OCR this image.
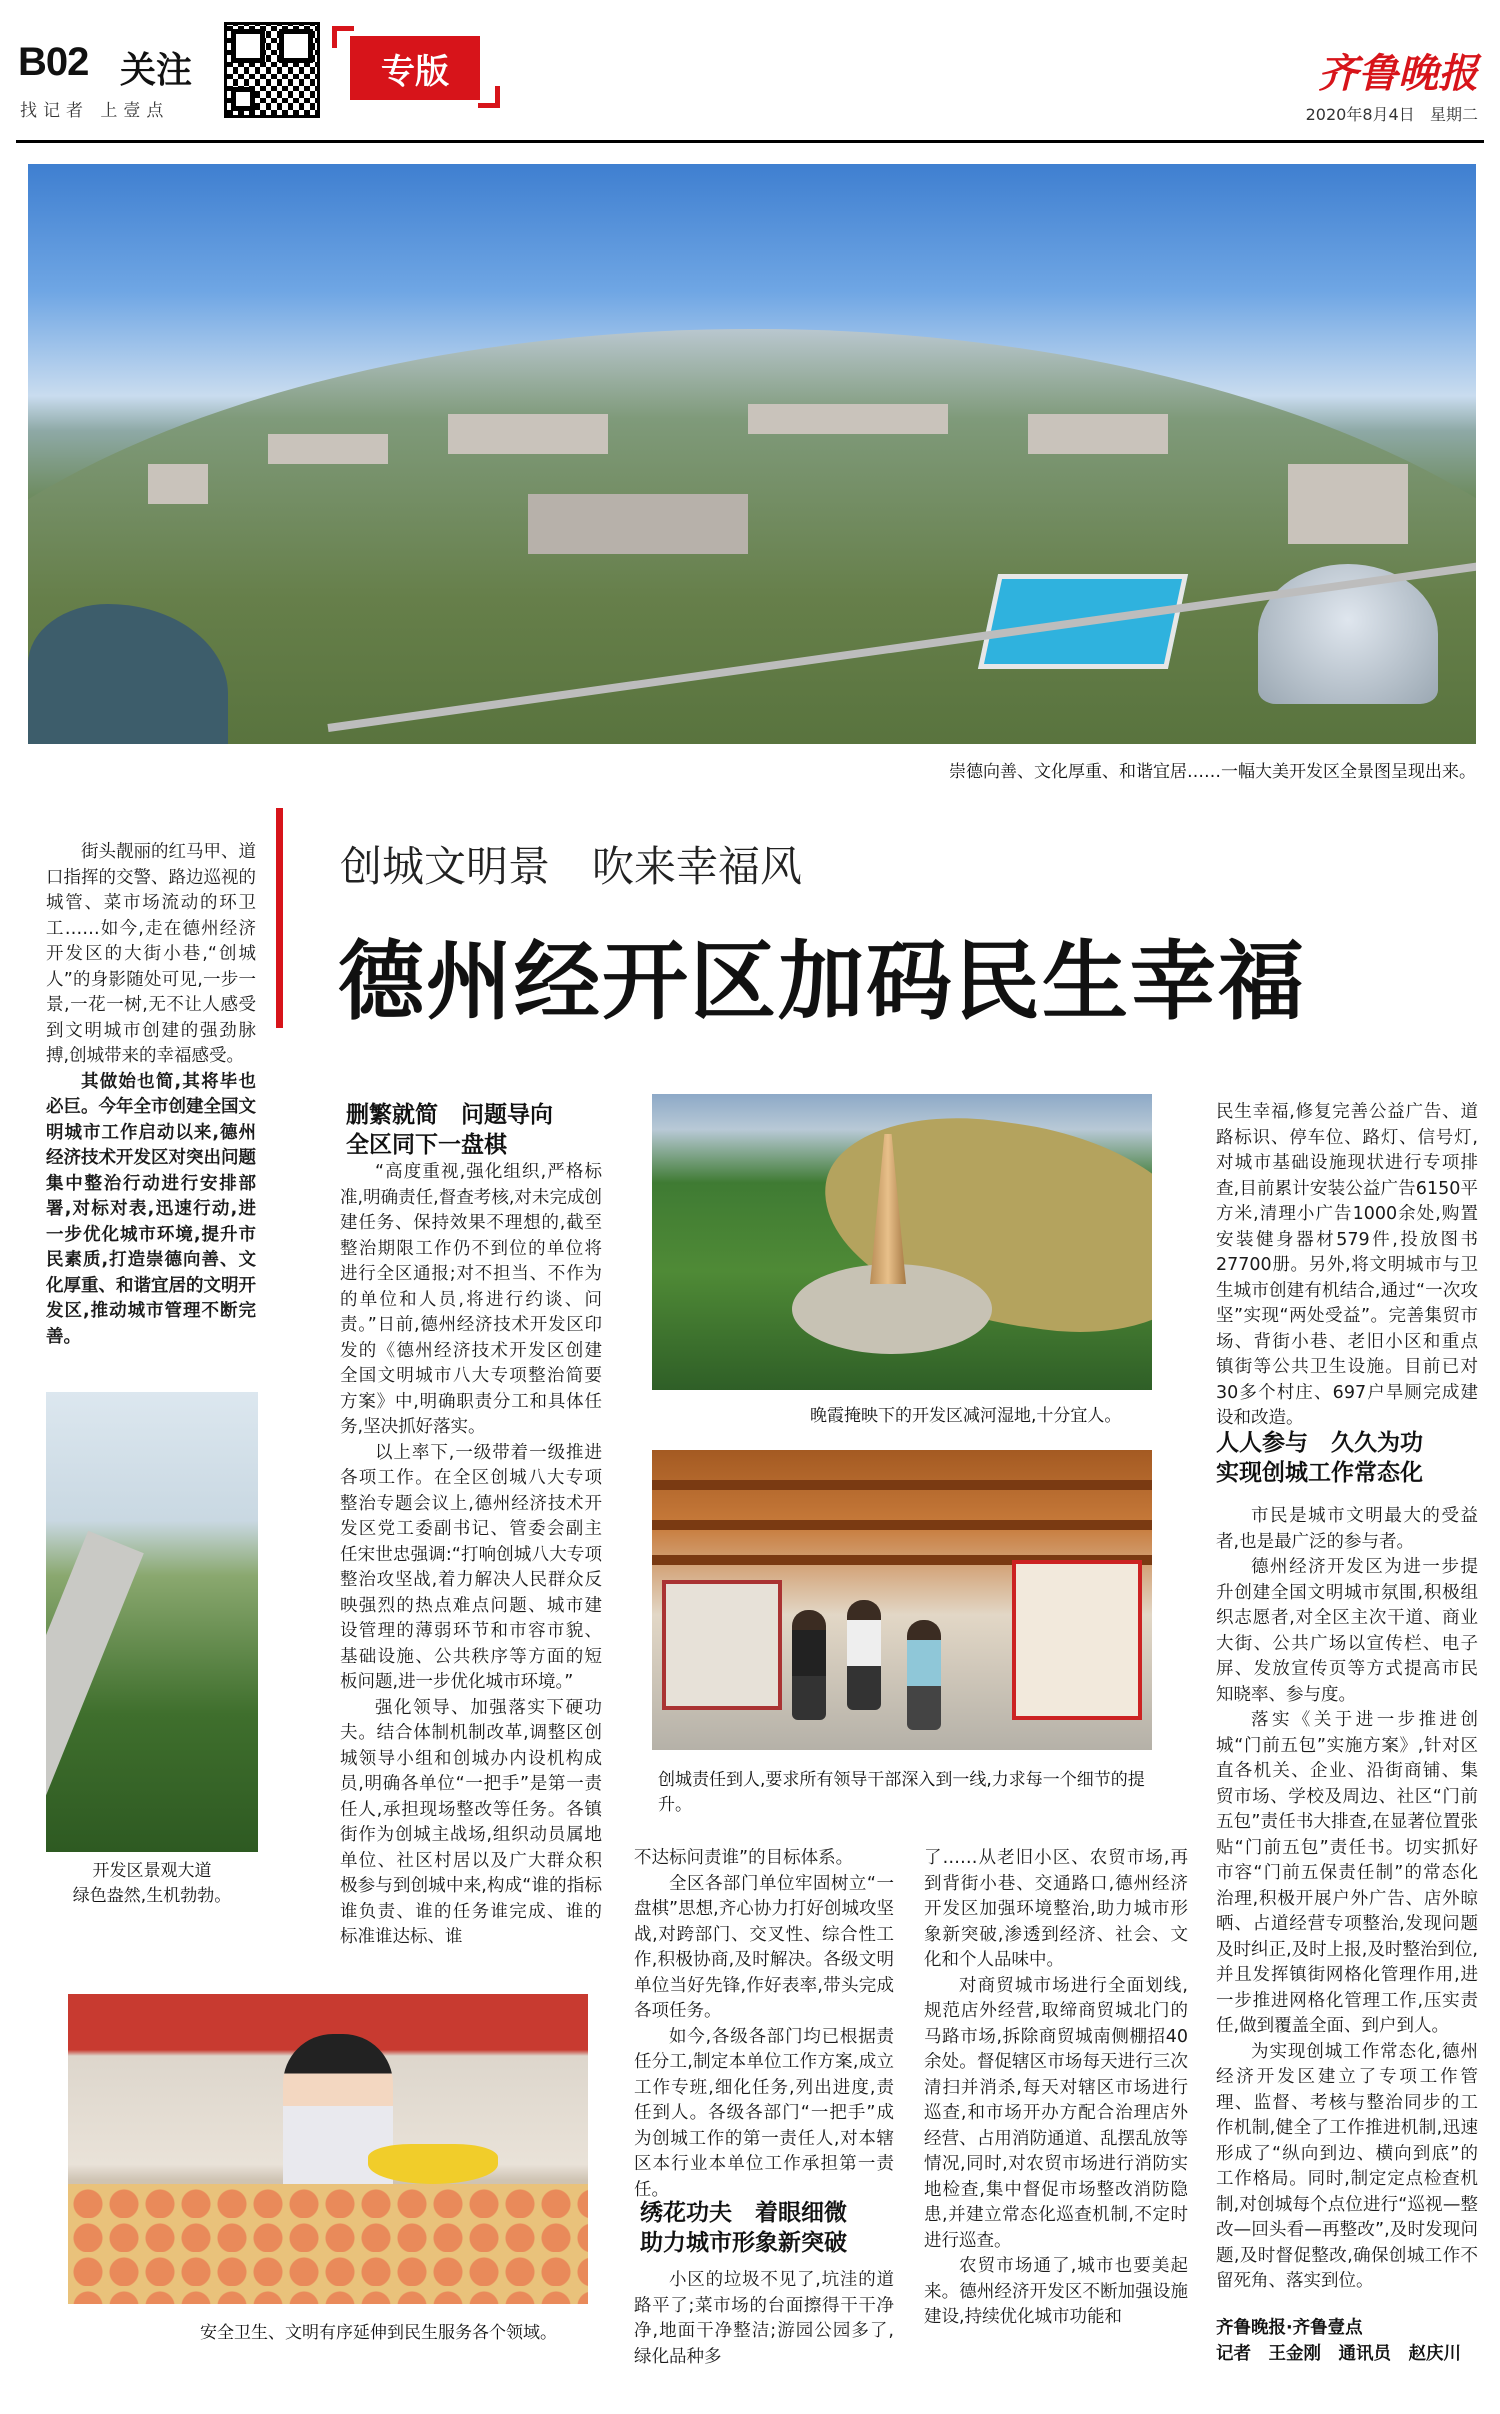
B02 关注
找记者 上壹点
专版	齐鲁晚报
2020年8月4日 星期二
崇德向善、文化厚重、和谐宜居……一幅大美开发区全景图呈现出来。
创城文明景　吹来幸福风
德州经开区加码民生幸福

街头靓丽的红马甲、道口指挥的交警、路边巡视的城管、菜市场流动的环卫工……如今,走在德州经济开发区的大街小巷,“创城人”的身影随处可见,一步一景,一花一树,无不让人感受到文明城市创建的强劲脉搏,创城带来的幸福感受。

其做始也简,其将毕也必巨。今年全市创建全国文明城市工作启动以来,德州经济技术开发区对突出问题集中整治行动进行安排部署,对标对表,迅速行动,进一步优化城市环境,提升市民素质,打造崇德向善、文化厚重、和谐宜居的文明开发区,推动城市管理不断完善。

开发区景观大道
绿色盎然,生机勃勃。
删繁就简　问题导向
全区同下一盘棋

“高度重视,强化组织,严格标准,明确责任,督查考核,对未完成创建任务、保持效果不理想的,截至整治期限工作仍不到位的单位将进行全区通报;对不担当、不作为的单位和人员,将进行约谈、问责。”日前,德州经济技术开发区印发的《德州经济技术开发区创建全国文明城市八大专项整治简要方案》中,明确职责分工和具体任务,坚决抓好落实。

以上率下,一级带着一级推进各项工作。在全区创城八大专项整治专题会议上,德州经济技术开发区党工委副书记、管委会副主任宋世忠强调:“打响创城八大专项整治攻坚战,着力解决人民群众反映强烈的热点难点问题、城市建设管理的薄弱环节和市容市貌、基础设施、公共秩序等方面的短板问题,进一步优化城市环境。”

强化领导、加强落实下硬功夫。结合体制机制改革,调整区创城领导小组和创城办内设机构成员,明确各单位“一把手”是第一责任人,承担现场整改等任务。各镇街作为创城主战场,组织动员属地单位、社区村居以及广大群众积极参与到创城中来,构成“谁的指标谁负责、谁的任务谁完成、谁的标准谁达标、谁

晚霞掩映下的开发区减河湿地,十分宜人。
创城责任到人,要求所有领导干部深入到一线,力求每一个细节的提升。

不达标问责谁”的目标体系。

全区各部门单位牢固树立“一盘棋”思想,齐心协力打好创城攻坚战,对跨部门、交叉性、综合性工作,积极协商,及时解决。各级文明单位当好先锋,作好表率,带头完成各项任务。

如今,各级各部门均已根据责任分工,制定本单位工作方案,成立工作专班,细化任务,列出进度,责任到人。各级各部门“一把手”成为创城工作的第一责任人,对本辖区本行业本单位工作承担第一责任。

绣花功夫　着眼细微
助力城市形象新突破

小区的垃圾不见了,坑洼的道路平了;菜市场的台面擦得干干净净,地面干净整洁;游园公园多了,绿化品种多

了……从老旧小区、农贸市场,再到背街小巷、交通路口,德州经济开发区加强环境整治,助力城市形象新突破,渗透到经济、社会、文化和个人品味中。

对商贸城市场进行全面划线,规范店外经营,取缔商贸城北门的马路市场,拆除商贸城南侧棚招40余处。督促辖区市场每天进行三次清扫并消杀,每天对辖区市场进行巡查,和市场开办方配合治理店外经营、占用消防通道、乱摆乱放等情况,同时,对农贸市场进行消防实地检查,集中督促市场整改消防隐患,并建立常态化巡查机制,不定时进行巡查。

农贸市场通了,城市也要美起来。德州经济开发区不断加强设施建设,持续优化城市功能和

民生幸福,修复完善公益广告、道路标识、停车位、路灯、信号灯,对城市基础设施现状进行专项排查,目前累计安装公益广告6150平方米,清理小广告1000余处,购置安装健身器材579件,投放图书27700册。另外,将文明城市与卫生城市创建有机结合,通过“一次攻坚”实现“两处受益”。完善集贸市场、背街小巷、老旧小区和重点镇街等公共卫生设施。目前已对30多个村庄、697户旱厕完成建设和改造。

人人参与　久久为功
实现创城工作常态化

市民是城市文明最大的受益者,也是最广泛的参与者。

德州经济开发区为进一步提升创建全国文明城市氛围,积极组织志愿者,对全区主次干道、商业大街、公共广场以宣传栏、电子屏、发放宣传页等方式提高市民知晓率、参与度。

落实《关于进一步推进创城“门前五包”实施方案》,针对区直各机关、企业、沿街商铺、集贸市场、学校及周边、社区“门前五包”责任书大排查,在显著位置张贴“门前五包”责任书。切实抓好市容“门前五保责任制”的常态化治理,积极开展户外广告、店外晾晒、占道经营专项整治,发现问题及时纠正,及时上报,及时整治到位,并且发挥镇街网格化管理作用,进一步推进网格化管理工作,压实责任,做到覆盖全面、到户到人。

为实现创城工作常态化,德州经济开发区建立了专项工作管理、监督、考核与整治同步的工作机制,健全了工作推进机制,迅速形成了“纵向到边、横向到底”的工作格局。同时,制定定点检查机制,对创城每个点位进行“巡视—整改—回头看—再整改”,及时发现问题,及时督促整改,确保创城工作不留死角、落实到位。

齐鲁晚报·齐鲁壹点
记者　王金刚　通讯员　赵庆川
安全卫生、文明有序延伸到民生服务各个领域。
